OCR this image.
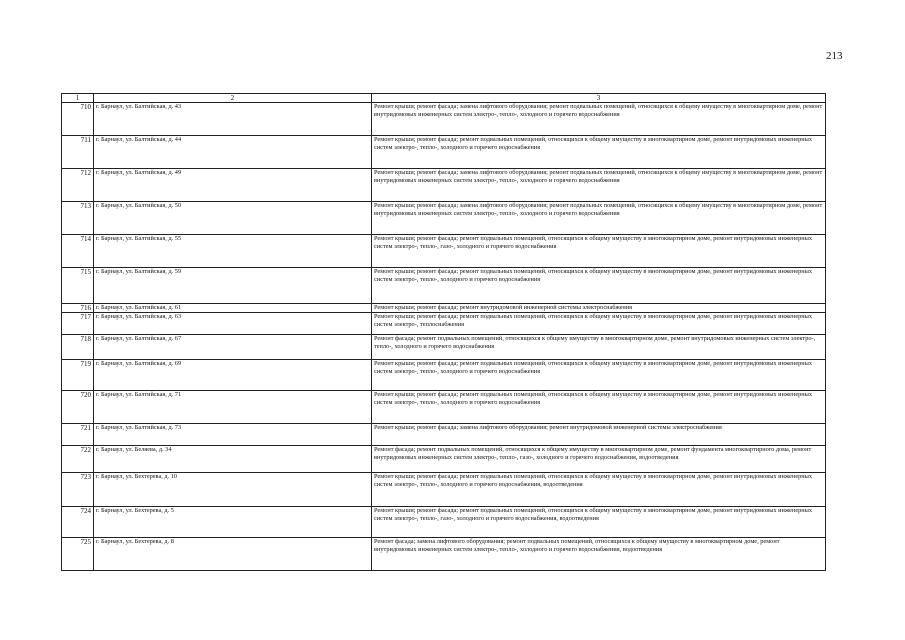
213
1	2	3
710	г. Барнаул, ул. Балтийская, д. 43	Ремонт крыши; ремонт фасада; замена лифтового оборудования; ремонт подвальных помещений, относящихся к общему имуществу в многоквартирном доме, ремонт внутридомовых инженерных систем электро-, тепло-, холодного и горячего водоснабжения
711	г. Барнаул, ул. Балтийская, д. 44	Ремонт крыши; ремонт фасада; ремонт подвальных помещений, относящихся к общему имуществу в многоквартирном доме, ремонт внутридомовых инженерных систем электро-, тепло-, холодного и горячего водоснабжения
712	г. Барнаул, ул. Балтийская, д. 49	Ремонт крыши; ремонт фасада; замена лифтового оборудования; ремонт подвальных помещений, относящихся к общему имуществу в многоквартирном доме, ремонт внутридомовых инженерных систем электро-, тепло-, холодного и горячего водоснабжения
713	г. Барнаул, ул. Балтийская, д. 50	Ремонт крыши; ремонт фасада; замена лифтового оборудования; ремонт подвальных помещений, относящихся к общему имуществу в многоквартирном доме, ремонт внутридомовых инженерных систем электро-, тепло-, холодного и горячего водоснабжения
714	г. Барнаул, ул. Балтийская, д. 55	Ремонт крыши; ремонт фасада; ремонт подвальных помещений, относящихся к общему имуществу в многоквартирном доме, ремонт внутридомовых инженерных систем электро-, тепло-, газо-, холодного и горячего водоснабжения
715	г. Барнаул, ул. Балтийская, д. 59	Ремонт крыши; ремонт фасада; ремонт подвальных помещений, относящихся к общему имуществу в многоквартирном доме, ремонт внутридомовых инженерных систем электро-, тепло-, холодного и горячего водоснабжения
716	г. Барнаул, ул. Балтийская, д. 61	Ремонт крыши; ремонт фасада; ремонт внутридомовой инженерной системы электроснабжения
717	г. Барнаул, ул. Балтийская, д. 63	Ремонт крыши; ремонт фасада; ремонт подвальных помещений, относящихся к общему имуществу в многоквартирном доме, ремонт внутридомовых инженерных систем электро-, теплоснабжения
718	г. Барнаул, ул. Балтийская, д. 67	Ремонт фасада; ремонт подвальных помещений, относящихся к общему имуществу в многоквартирном доме, ремонт внутридомовых инженерных систем электро-, тепло-, холодного и горячего водоснабжения
719	г. Барнаул, ул. Балтийская, д. 69	Ремонт крыши; ремонт фасада; ремонт подвальных помещений, относящихся к общему имуществу в многоквартирном доме, ремонт внутридомовых инженерных систем электро-, тепло-, холодного и горячего водоснабжения
720	г. Барнаул, ул. Балтийская, д. 71	Ремонт крыши; ремонт фасада; ремонт подвальных помещений, относящихся к общему имуществу в многоквартирном доме, ремонт внутридомовых инженерных систем электро-, тепло-, холодного и горячего водоснабжения
721	г. Барнаул, ул. Балтийская, д. 73	Ремонт крыши; ремонт фасада; замена лифтового оборудования; ремонт внутридомовой инженерной системы электроснабжения
722	г. Барнаул, ул. Беляева, д. 34	Ремонт фасада; ремонт подвальных помещений, относящихся к общему имуществу в многоквартирном доме, ремонт фундамента многоквартирного дома, ремонт внутридомовых инженерных систем электро-, тепло-, газо-, холодного и горячего водоснабжения, водоотведения
723	г. Барнаул, ул. Бехтерева, д. 10	Ремонт крыши; ремонт фасада; ремонт подвальных помещений, относящихся к общему имуществу в многоквартирном доме, ремонт внутридомовых инженерных систем электро-, тепло-, холодного и горячего водоснабжения, водоотведения
724	г. Барнаул, ул. Бехтерева, д. 5	Ремонт крыши; ремонт фасада; ремонт подвальных помещений, относящихся к общему имуществу в многоквартирном доме, ремонт внутридомовых инженерных систем электро-, тепло-, газо-, холодного и горячего водоснабжения, водоотведения
725	г. Барнаул, ул. Бехтерева, д. 8	Ремонт фасада; замена лифтового оборудования; ремонт подвальных помещений, относящихся к общему имуществу в многоквартирном доме, ремонт внутридомовых инженерных систем электро-, тепло-, холодного и горячего водоснабжения, водоотведения
